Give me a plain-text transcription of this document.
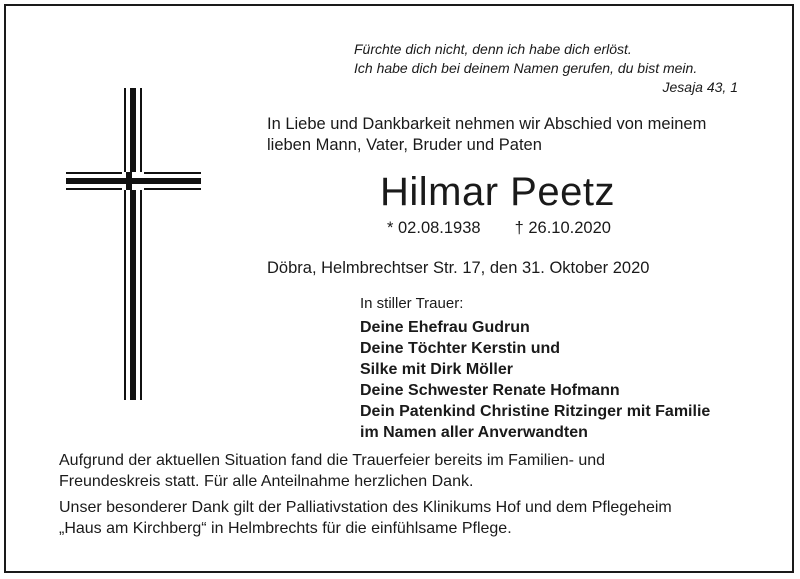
Fürchte dich nicht, denn ich habe dich erlöst.
Ich habe dich bei deinem Namen gerufen, du bist mein.
Jesaja 43, 1
In Liebe und Dankbarkeit nehmen wir Abschied von meinem
lieben Mann, Vater, Bruder und Paten
Hilmar Peetz
* 02.08.1938 † 26.10.2020
Döbra, Helmbrechtser Str. 17, den 31. Oktober 2020
In stiller Trauer:
Deine Ehefrau Gudrun
Deine Töchter Kerstin und
Silke mit Dirk Möller
Deine Schwester Renate Hofmann
Dein Patenkind Christine Ritzinger mit Familie
im Namen aller Anverwandten
Aufgrund der aktuellen Situation fand die Trauerfeier bereits im Familien- und
Freundeskreis statt. Für alle Anteilnahme herzlichen Dank.
Unser besonderer Dank gilt der Palliativstation des Klinikums Hof und dem Pflegeheim
„Haus am Kirchberg“ in Helmbrechts für die einfühlsame Pflege.
